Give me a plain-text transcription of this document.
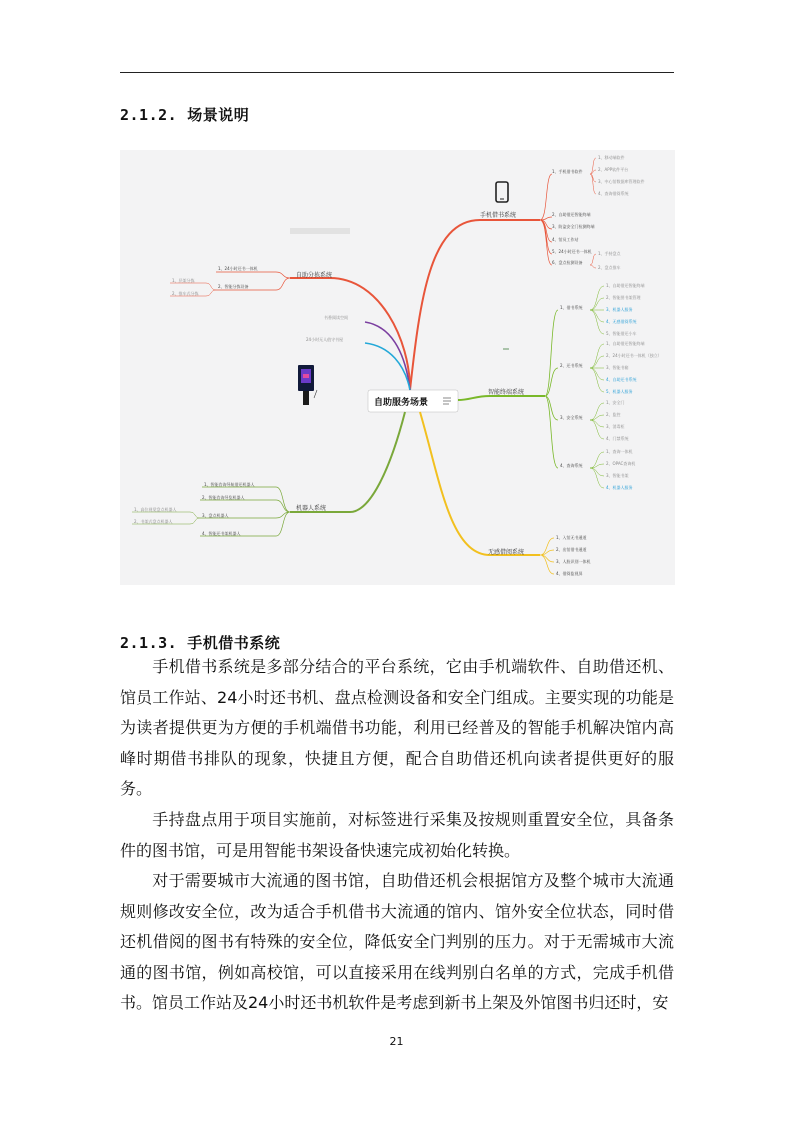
2.1.2. 场景说明
自助服务场景
手机借书系统
1、手机借书软件
2、自助借还智能终端
3、防盗安全门检测终端
4、馆员工作站
5、24小时还书一体机
6、盘点检测设备
1、移动端软件
2、APP软件平台
3、中心馆数据库管理软件
4、查询借阅系统
1、手持盘点
2、盘点推车
智能终端系统
1、借书系统
2、还书系统
3、安全系统
4、查询系统
1、自助借还智能终端
2、智能图书架管理
3、机器人服务
4、无感借阅系统
5、智能借还小车
1、自助借还智能终端
2、24小时还书一体机（独立）
3、智能书箱
4、自助还书系统
5、机器人服务
1、安全门
2、监控
3、消毒柜
4、门禁系统
1、查询一体机
2、OPAC查询机
3、智能书架
4、机器人服务
无感借阅系统
1、入馆无书通道
2、出馆借书通道
3、人脸识别一体机
4、借阅监视屏
自助分拣系统
1、24小时还书一体机
2、智能分拣设备
1、层架分拣
2、推车式分拣
书香阅读空间
24小时无人值守书屋
机器人系统
1、智能咨询导航借还机器人
2、智能咨询导览机器人
3、盘点机器人
4、智能还书架机器人
1、高位视觉盘点机器人
2、书架式盘点机器人
2.1.3. 手机借书系统

手机借书系统是多部分结合的平台系统，它由手机端软件、自助借还机、馆员工作站、24小时还书机、盘点检测设备和安全门组成。主要实现的功能是为读者提供更为方便的手机端借书功能，利用已经普及的智能手机解决馆内高峰时期借书排队的现象，快捷且方便，配合自助借还机向读者提供更好的服务。

手持盘点用于项目实施前，对标签进行采集及按规则重置安全位，具备条件的图书馆，可是用智能书架设备快速完成初始化转换。

对于需要城市大流通的图书馆，自助借还机会根据馆方及整个城市大流通规则修改安全位，改为适合手机借书大流通的馆内、馆外安全位状态，同时借还机借阅的图书有特殊的安全位，降低安全门判别的压力。对于无需城市大流通的图书馆，例如高校馆，可以直接采用在线判别白名单的方式，完成手机借书。 馆员工作站及24小时还书机软件是考虑到新书上架及外馆图书归还时，安

21
